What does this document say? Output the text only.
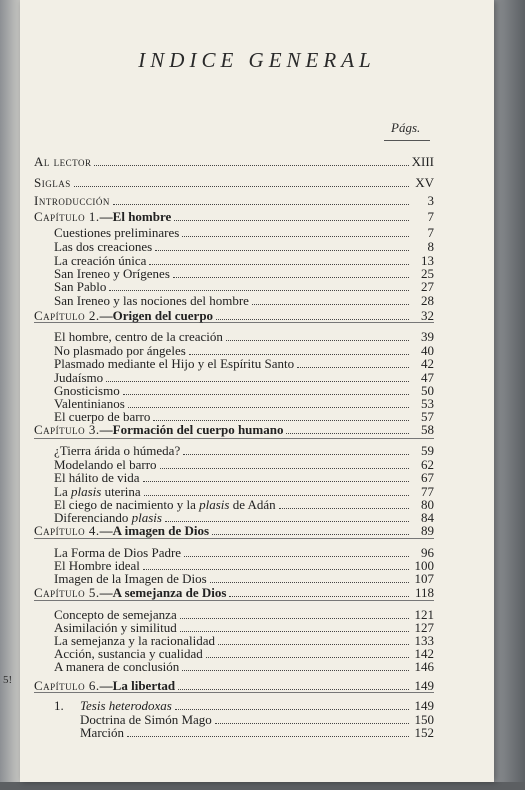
5!
INDICE GENERAL
Págs.
Al lector	XIII
Siglas	XV
Introducción	3
Capítulo 1.—El hombre	7
Cuestiones preliminares	7
Las dos creaciones	8
La creación única	13
San Ireneo y Orígenes	25
San Pablo	27
San Ireneo y las nociones del hombre	28
Capítulo 2.—Origen del cuerpo	32
El hombre, centro de la creación	39
No plasmado por ángeles	40
Plasmado mediante el Hijo y el Espíritu Santo	42
Judaísmo	47
Gnosticismo	50
Valentinianos	53
El cuerpo de barro	57
Capítulo 3.—Formación del cuerpo humano	58
¿Tierra árida o húmeda?	59
Modelando el barro	62
El hálito de vida	67
La plasis uterina	77
El ciego de nacimiento y la plasis de Adán	80
Diferenciando plasis	84
Capítulo 4.—A imagen de Dios	89
La Forma de Dios Padre	96
El Hombre ideal	100
Imagen de la Imagen de Dios	107
Capítulo 5.—A semejanza de Dios	118
Concepto de semejanza	121
Asimilación y similitud	127
La semejanza y la racionalidad	133
Acción, sustancia y cualidad	142
A manera de conclusión	146
Capítulo 6.—La libertad	149
1. Tesis heterodoxas	149
Doctrina de Simón Mago	150
Marción	152
